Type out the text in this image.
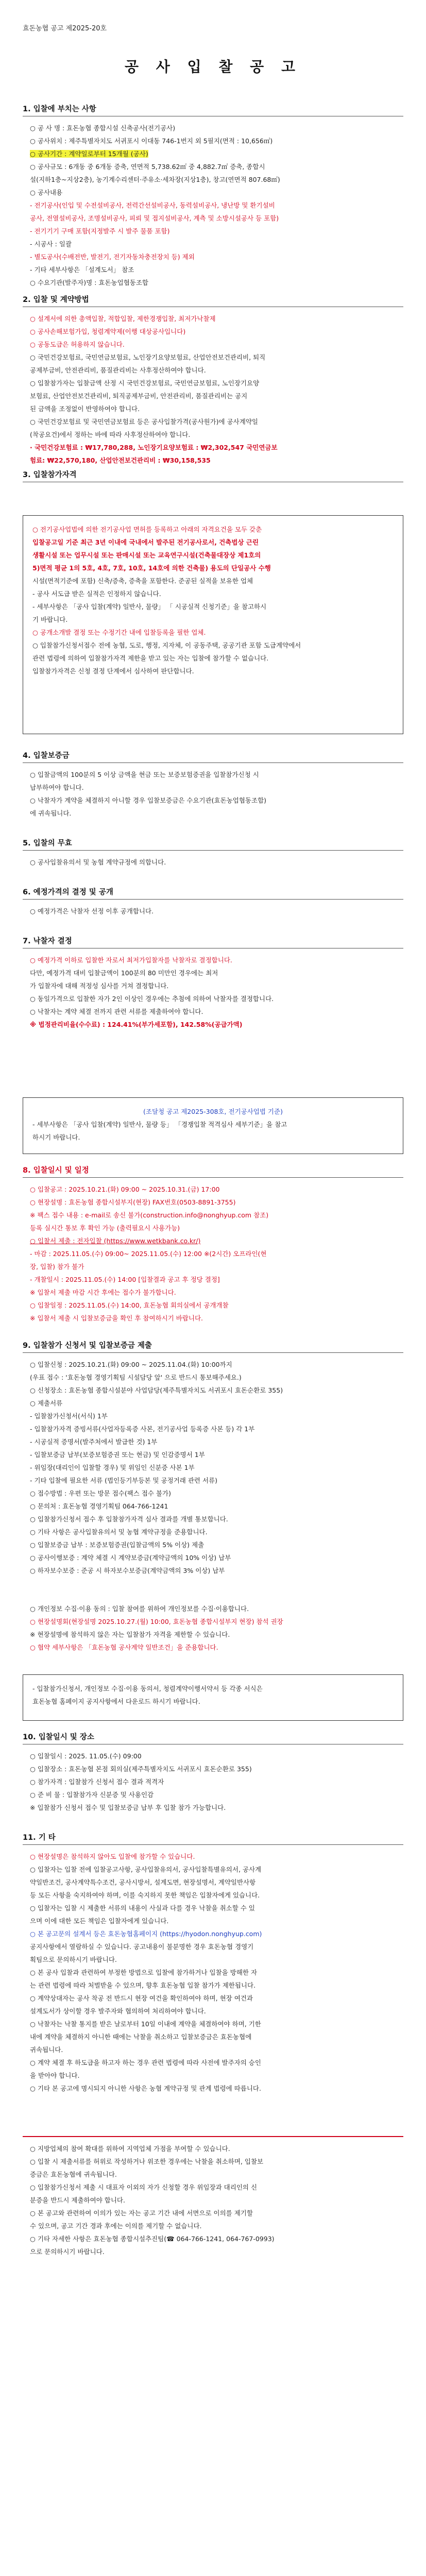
효돈농협 공고 제2025-20호
공 사 입 찰 공 고
1. 입찰에 부치는 사항
○ 공 사 명 : 효돈농협 종합시설 신축공사(전기공사)
○ 공사위치 : 제주특별자치도 서귀포시 이대동 746-1번지 외 5필지(면적 : 10,656㎡)
○ 공사기간 : 계약일로부터 15개월 (공사)
○ 공사규모 : 6개동 중 6개동 증축, 연면적 5,738.62㎡ 중 4,882.7㎡ 증축, 종합시
설(지하1층~지상2층), 농기계수리센터·주유소·세차장(지상1층), 창고(연면적 807.68㎡)
○ 공사내용
- 전기공사(인입 및 수전설비공사, 전력간선설비공사, 동력설비공사, 냉난방 및 환기설비
공사, 전열설비공사, 조명설비공사, 피뢰 및 접지설비공사, 계측 및 소방시설공사 등 포함)
- 전기기기 구매 포함(지정발주 시 발주 물품 포함)
- 시공사 : 일괄
- 별도공사(수배전반, 발전기, 전기자동차충전장치 등) 제외
- 기타 세부사항은 「설계도서」 참조
○ 수요기관(발주자)명 : 효돈농업협동조합
2. 입찰 및 계약방법
○ 설계서에 의한 총액입찰, 적합입찰, 제한경쟁입찰, 최저가낙찰제
○ 공사손해보험가입, 청렴계약제(이행 대상공사입니다)
○ 공동도급은 허용하지 않습니다.
○ 국민건강보험료, 국민연금보험료, 노인장기요양보험료, 산업안전보건관리비, 퇴직
공제부금비, 안전관리비, 품질관리비는 사후정산하여야 합니다.
○ 입찰참가자는 입찰금액 산정 시 국민건강보험료, 국민연금보험료, 노인장기요양
보험료, 산업안전보건관리비, 퇴직공제부금비, 안전관리비, 품질관리비는 공지
된 금액을 조정없이 반영하여야 합니다.
○ 국민건강보험료 및 국민연금보험료 등은 공사입찰가격(공사원가)에 공사계약일
(착공요건)에서 정하는 바에 따라 사후정산하여야 합니다.
· 국민건강보험료 : ₩17,780,288, 노인장기요양보험료 : ₩2,302,547 국민연금보
험료: ₩22,570,180, 산업안전보건관리비 : ₩30,158,535
3. 입찰참가자격
○ 전기공사업법에 의한 전기공사업 면허를 등록하고 아래의 자격요건을 모두 갖춘
입찰공고일 기준 최근 3년 이내에 국내에서 발주된 전기공사로서, 건축법상 근린
생활시설 또는 업무시설 또는 판매시설 또는 교육연구시설(건축물대장상 제1호의
5)면적 평균 1의 5호, 4호, 7호, 10호, 14호에 의한 건축물) 용도의 단일공사 수행
시설(면적기준에 포함) 신축/증축, 증축을 포함한다. 준공된 실적을 보유한 업체
- 공사 서도급 받은 실적은 인정하지 않습니다.
- 세부사항은 「공사 입찰(계약) 일반사, 물량」 「 시공실적 신청기준」을 참고하시
기 바랍니다.
○ 공개소개발 결정 또는 수정기간 내에 입찰등록을 필한 업체.
○ 입찰참가신청서접수 전에 농협, 도로, 행정, 지자체, 이 공동주택, 공공기관 포함 도급계약에서
관련 법령에 의하여 입찰참가자격 제한을 받고 있는 자는 입찰에 참가할 수 없습니다.
입찰참가자격은 신청 결정 단계에서 심사하여 판단합니다.
4. 입찰보증금
○ 입찰금액의 100분의 5 이상 금액을 현금 또는 보증보험증권을 입찰참가신청 시
납부하여야 합니다.
○ 낙찰자가 계약을 체결하지 아니할 경우 입찰보증금은 수요기관(효돈농업협동조합)
에 귀속됩니다.
5. 입찰의 무효
○ 공사입찰유의서 및 농협 계약규정에 의합니다.
6. 예정가격의 결정 및 공개
○ 예정가격은 낙찰자 선정 이후 공개합니다.
7. 낙찰자 결정
○ 예정가격 이하로 입찰한 자로서 최저가입찰자를 낙찰자로 결정합니다.
다만, 예정가격 대비 입찰금액이 100분의 80 미만인 경우에는 최저
가 입찰자에 대해 적정성 심사를 거쳐 결정합니다.
○ 동일가격으로 입찰한 자가 2인 이상인 경우에는 추첨에 의하여 낙찰자를 결정합니다.
○ 낙찰자는 계약 체결 전까지 관련 서류를 제출하여야 합니다.
※ 법정관리비율(수수료) : 124.41%(부가세포함), 142.58%(공급가액)
(조달청 공고 제2025-308호, 전기공사업법 기준)
- 세부사항은 「공사 입찰(계약) 일반사, 물량 등」 「경쟁입찰 적격심사 세부기준」을 참고
하시기 바랍니다.
8. 입찰일시 및 일정
○ 입찰공고 : 2025.10.21.(화) 09:00 ~ 2025.10.31.(금) 17:00
○ 현장설명 : 효돈농협 종합시설부지(현장) FAX번호(0503-8891-3755)
※ 팩스 접수 내용 : e-mail로 송신 불가(construction.info@nonghyup.com 참조)
등록 실시간 통보 후 확인 가능 (출력필요시 사용가능)
○ 입찰서 제출 : 전자입찰 (https://www.wetkbank.co.kr/)
- 마감 : 2025.11.05.(수) 09:00~ 2025.11.05.(수) 12:00 ※(2시간) 오프라인(현
장, 입찰) 참가 불가
- 개찰일시 : 2025.11.05.(수) 14:00 [입찰결과 공고 후 정당 결정]
※ 입찰서 제출 마감 시간 후에는 접수가 불가합니다.
○ 입찰일정 : 2025.11.05.(수) 14:00, 효돈농협 회의실에서 공개개찰
※ 입찰서 제출 시 입찰보증금을 확인 후 참여하시기 바랍니다.
9. 입찰참가 신청서 및 입찰보증금 제출
○ 입찰신청 : 2025.10.21.(화) 09:00 ~ 2025.11.04.(화) 10:00까지
(우표 접수 : '효돈농협 경영기획팀 시설담당 앞' 으로 반드시 통보해주세요.)
○ 신청장소 : 효돈농협 종합시설분야 사업담당(제주특별자치도 서귀포시 효돈순환로 355)
○ 제출서류
- 입찰참가신청서(서식) 1부
- 입찰참가자격 증빙서류(사업자등록증 사본, 전기공사업 등록증 사본 등) 각 1부
- 시공실적 증명서(발주처에서 발급한 것) 1부
- 입찰보증금 납부(보증보험증권 또는 현금) 및 인감증명서 1부
- 위임장(대리인이 입찰할 경우) 및 위임인 신분증 사본 1부
- 기타 입찰에 필요한 서류 (법인등기부등본 및 공정거래 관련 서류)
○ 접수방법 : 우편 또는 방문 접수(팩스 접수 불가)
○ 문의처 : 효돈농협 경영기획팀 064-766-1241
○ 입찰참가신청서 접수 후 입찰참가자격 심사 결과를 개별 통보합니다.
○ 기타 사항은 공사입찰유의서 및 농협 계약규정을 준용합니다.
○ 입찰보증금 납부 : 보증보험증권(입찰금액의 5% 이상) 제출
○ 공사이행보증 : 계약 체결 시 계약보증금(계약금액의 10% 이상) 납부
○ 하자보수보증 : 준공 시 하자보수보증금(계약금액의 3% 이상) 납부
○ 개인정보 수집·이용 동의 : 입찰 참여를 위하여 개인정보를 수집·이용합니다.
○ 현장설명회(현장설명 2025.10.27.(월) 10:00, 효돈농협 종합시설부지 현장) 참석 권장
※ 현장설명에 참석하지 않은 자는 입찰참가 자격을 제한할 수 있습니다.
○ 협약 세부사항은 「효돈농협 공사계약 일반조건」을 준용합니다.
- 입찰참가신청서, 개인정보 수집·이용 동의서, 청렴계약이행서약서 등 각종 서식은
효돈농협 홈페이지 공지사항에서 다운로드 하시기 바랍니다.
10. 입찰일시 및 장소
○ 입찰일시 : 2025. 11.05.(수) 09:00
○ 입찰장소 : 효돈농협 본점 회의실(제주특별자치도 서귀포시 효돈순환로 355)
○ 참가자격 : 입찰참가 신청서 접수 결과 적격자
○ 준 비 물 : 입찰참가자 신분증 및 사용인감
※ 입찰참가 신청서 접수 및 입찰보증금 납부 후 입찰 참가 가능합니다.
11. 기 타
○ 현장설명은 참석하지 않아도 입찰에 참가할 수 있습니다.
○ 입찰자는 입찰 전에 입찰공고사항, 공사입찰유의서, 공사입찰특별유의서, 공사계
약일반조건, 공사계약특수조건, 공사시방서, 설계도면, 현장설명서, 계약일반사항
등 모든 사항을 숙지하여야 하며, 이를 숙지하지 못한 책임은 입찰자에게 있습니다.
○ 입찰자는 입찰 시 제출한 서류의 내용이 사실과 다를 경우 낙찰을 취소할 수 있
으며 이에 대한 모든 책임은 입찰자에게 있습니다.
○ 본 공고문의 설계서 등은 효돈농협홈페이지 (https://hyodon.nonghyup.com)
공지사항에서 열람하실 수 있습니다. 공고내용이 불분명한 경우 효돈농협 경영기
획팀으로 문의하시기 바랍니다.
○ 본 공사 입찰과 관련하여 부정한 방법으로 입찰에 참가하거나 입찰을 방해한 자
는 관련 법령에 따라 처벌받을 수 있으며, 향후 효돈농협 입찰 참가가 제한됩니다.
○ 계약상대자는 공사 착공 전 반드시 현장 여건을 확인하여야 하며, 현장 여건과
설계도서가 상이할 경우 발주자와 협의하여 처리하여야 합니다.
○ 낙찰자는 낙찰 통지를 받은 날로부터 10일 이내에 계약을 체결하여야 하며, 기한
내에 계약을 체결하지 아니한 때에는 낙찰을 취소하고 입찰보증금은 효돈농협에
귀속됩니다.
○ 계약 체결 후 하도급을 하고자 하는 경우 관련 법령에 따라 사전에 발주자의 승인
을 받아야 합니다.
○ 기타 본 공고에 명시되지 아니한 사항은 농협 계약규정 및 관계 법령에 따릅니다.
○ 지방업체의 참여 확대를 위하여 지역업체 가점을 부여할 수 있습니다.
○ 입찰 시 제출서류를 허위로 작성하거나 위조한 경우에는 낙찰을 취소하며, 입찰보
증금은 효돈농협에 귀속됩니다.
○ 입찰참가신청서 제출 시 대표자 이외의 자가 신청할 경우 위임장과 대리인의 신
분증을 반드시 제출하여야 합니다.
○ 본 공고와 관련하여 이의가 있는 자는 공고 기간 내에 서면으로 이의를 제기할
수 있으며, 공고 기간 경과 후에는 이의를 제기할 수 없습니다.
○ 기타 자세한 사항은 효돈농협 종합시설추진팀(☎ 064-766-1241, 064-767-0993)
으로 문의하시기 바랍니다.
